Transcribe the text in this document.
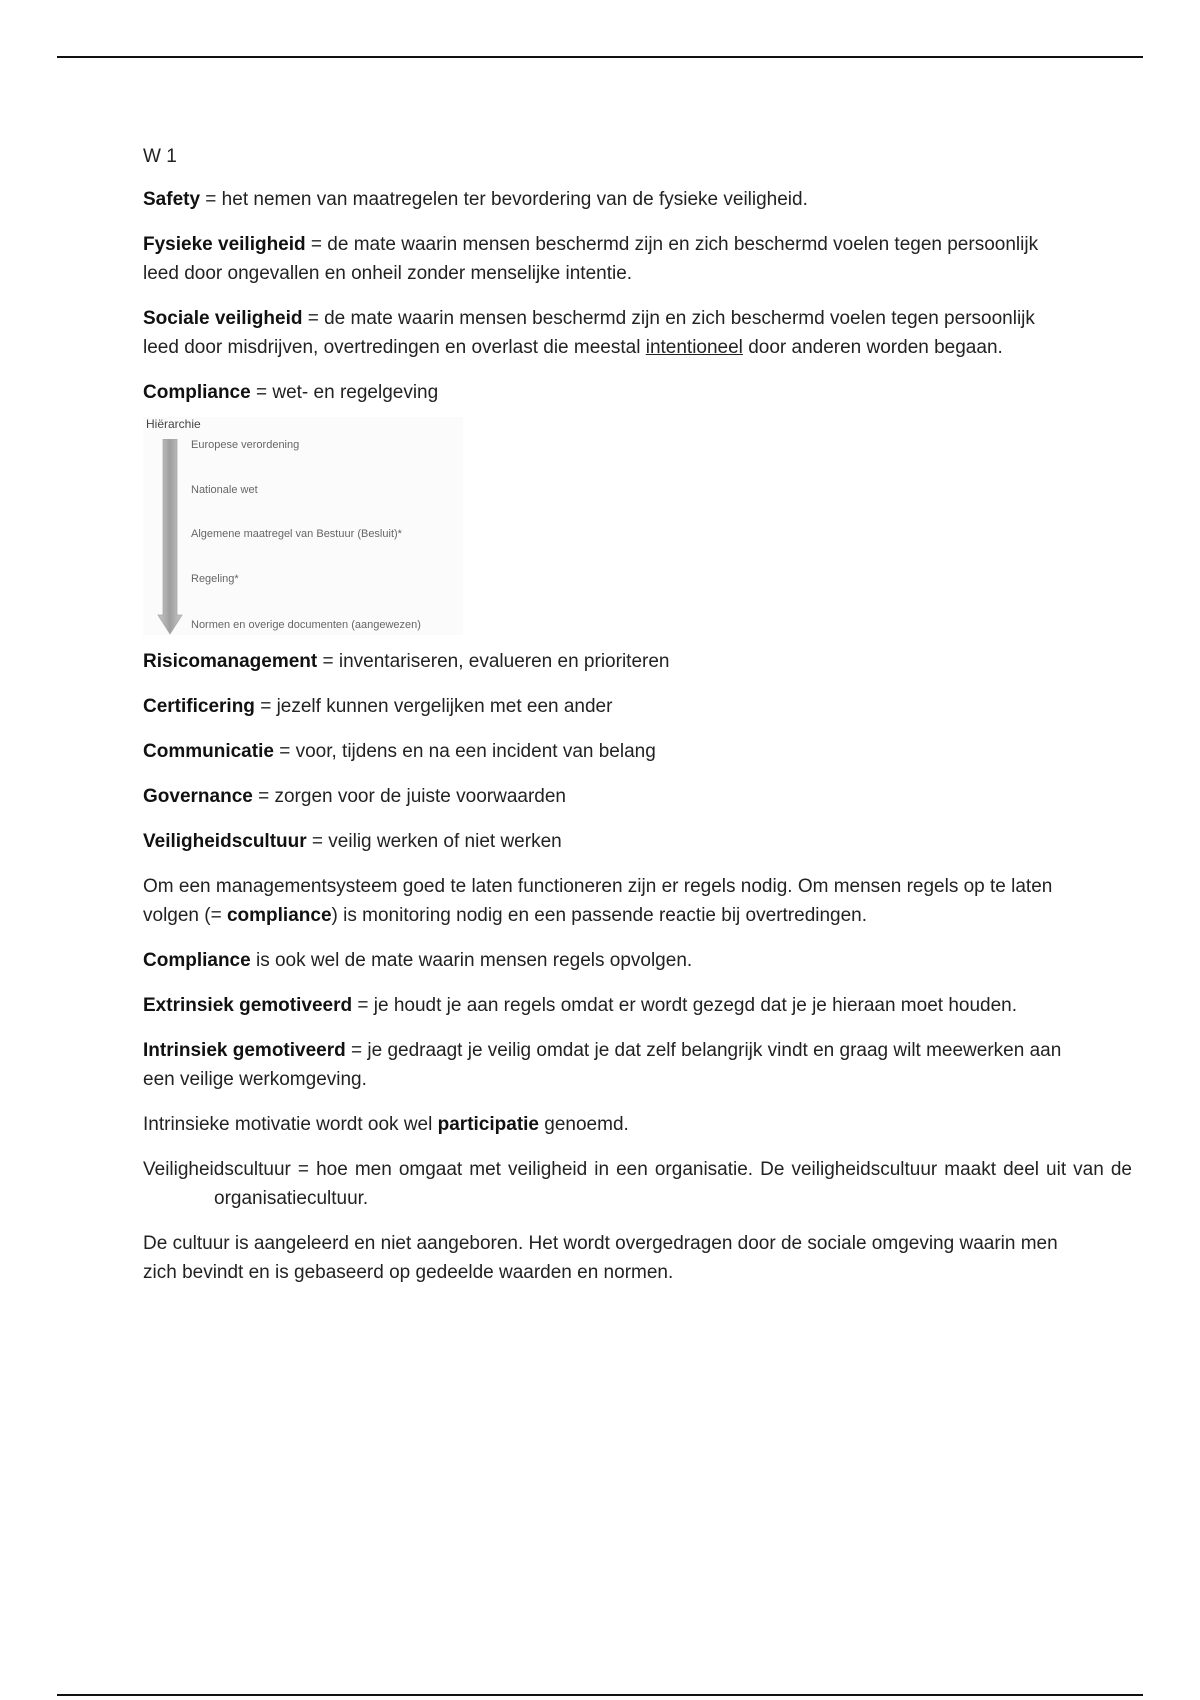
W 1

Safety = het nemen van maatregelen ter bevordering van de fysieke veiligheid.

Fysieke veiligheid = de mate waarin mensen beschermd zijn en zich beschermd voelen tegen persoonlijk leed door ongevallen en onheil zonder menselijke intentie.

Sociale veiligheid = de mate waarin mensen beschermd zijn en zich beschermd voelen tegen persoonlijk leed door misdrijven, overtredingen en overlast die meestal intentioneel door anderen worden begaan.

Compliance = wet- en regelgeving

Hiërarchie
Europese verordening
Nationale wet
Algemene maatregel van Bestuur (Besluit)*
Regeling*
Normen en overige documenten (aangewezen)

Risicomanagement = inventariseren, evalueren en prioriteren

Certificering = jezelf kunnen vergelijken met een ander

Communicatie = voor, tijdens en na een incident van belang

Governance = zorgen voor de juiste voorwaarden

Veiligheidscultuur = veilig werken of niet werken

Om een managementsysteem goed te laten functioneren zijn er regels nodig. Om mensen regels op te laten volgen (= compliance) is monitoring nodig en een passende reactie bij overtredingen.

Compliance is ook wel de mate waarin mensen regels opvolgen.

Extrinsiek gemotiveerd = je houdt je aan regels omdat er wordt gezegd dat je je hieraan moet houden.

Intrinsiek gemotiveerd = je gedraagt je veilig omdat je dat zelf belangrijk vindt en graag wilt meewerken aan een veilige werkomgeving.

Intrinsieke motivatie wordt ook wel participatie genoemd.

Veiligheidscultuur = hoe men omgaat met veiligheid in een organisatie. De veiligheidscultuur maakt deel uit van de organisatiecultuur.

De cultuur is aangeleerd en niet aangeboren. Het wordt overgedragen door de sociale omgeving waarin men zich bevindt en is gebaseerd op gedeelde waarden en normen.
